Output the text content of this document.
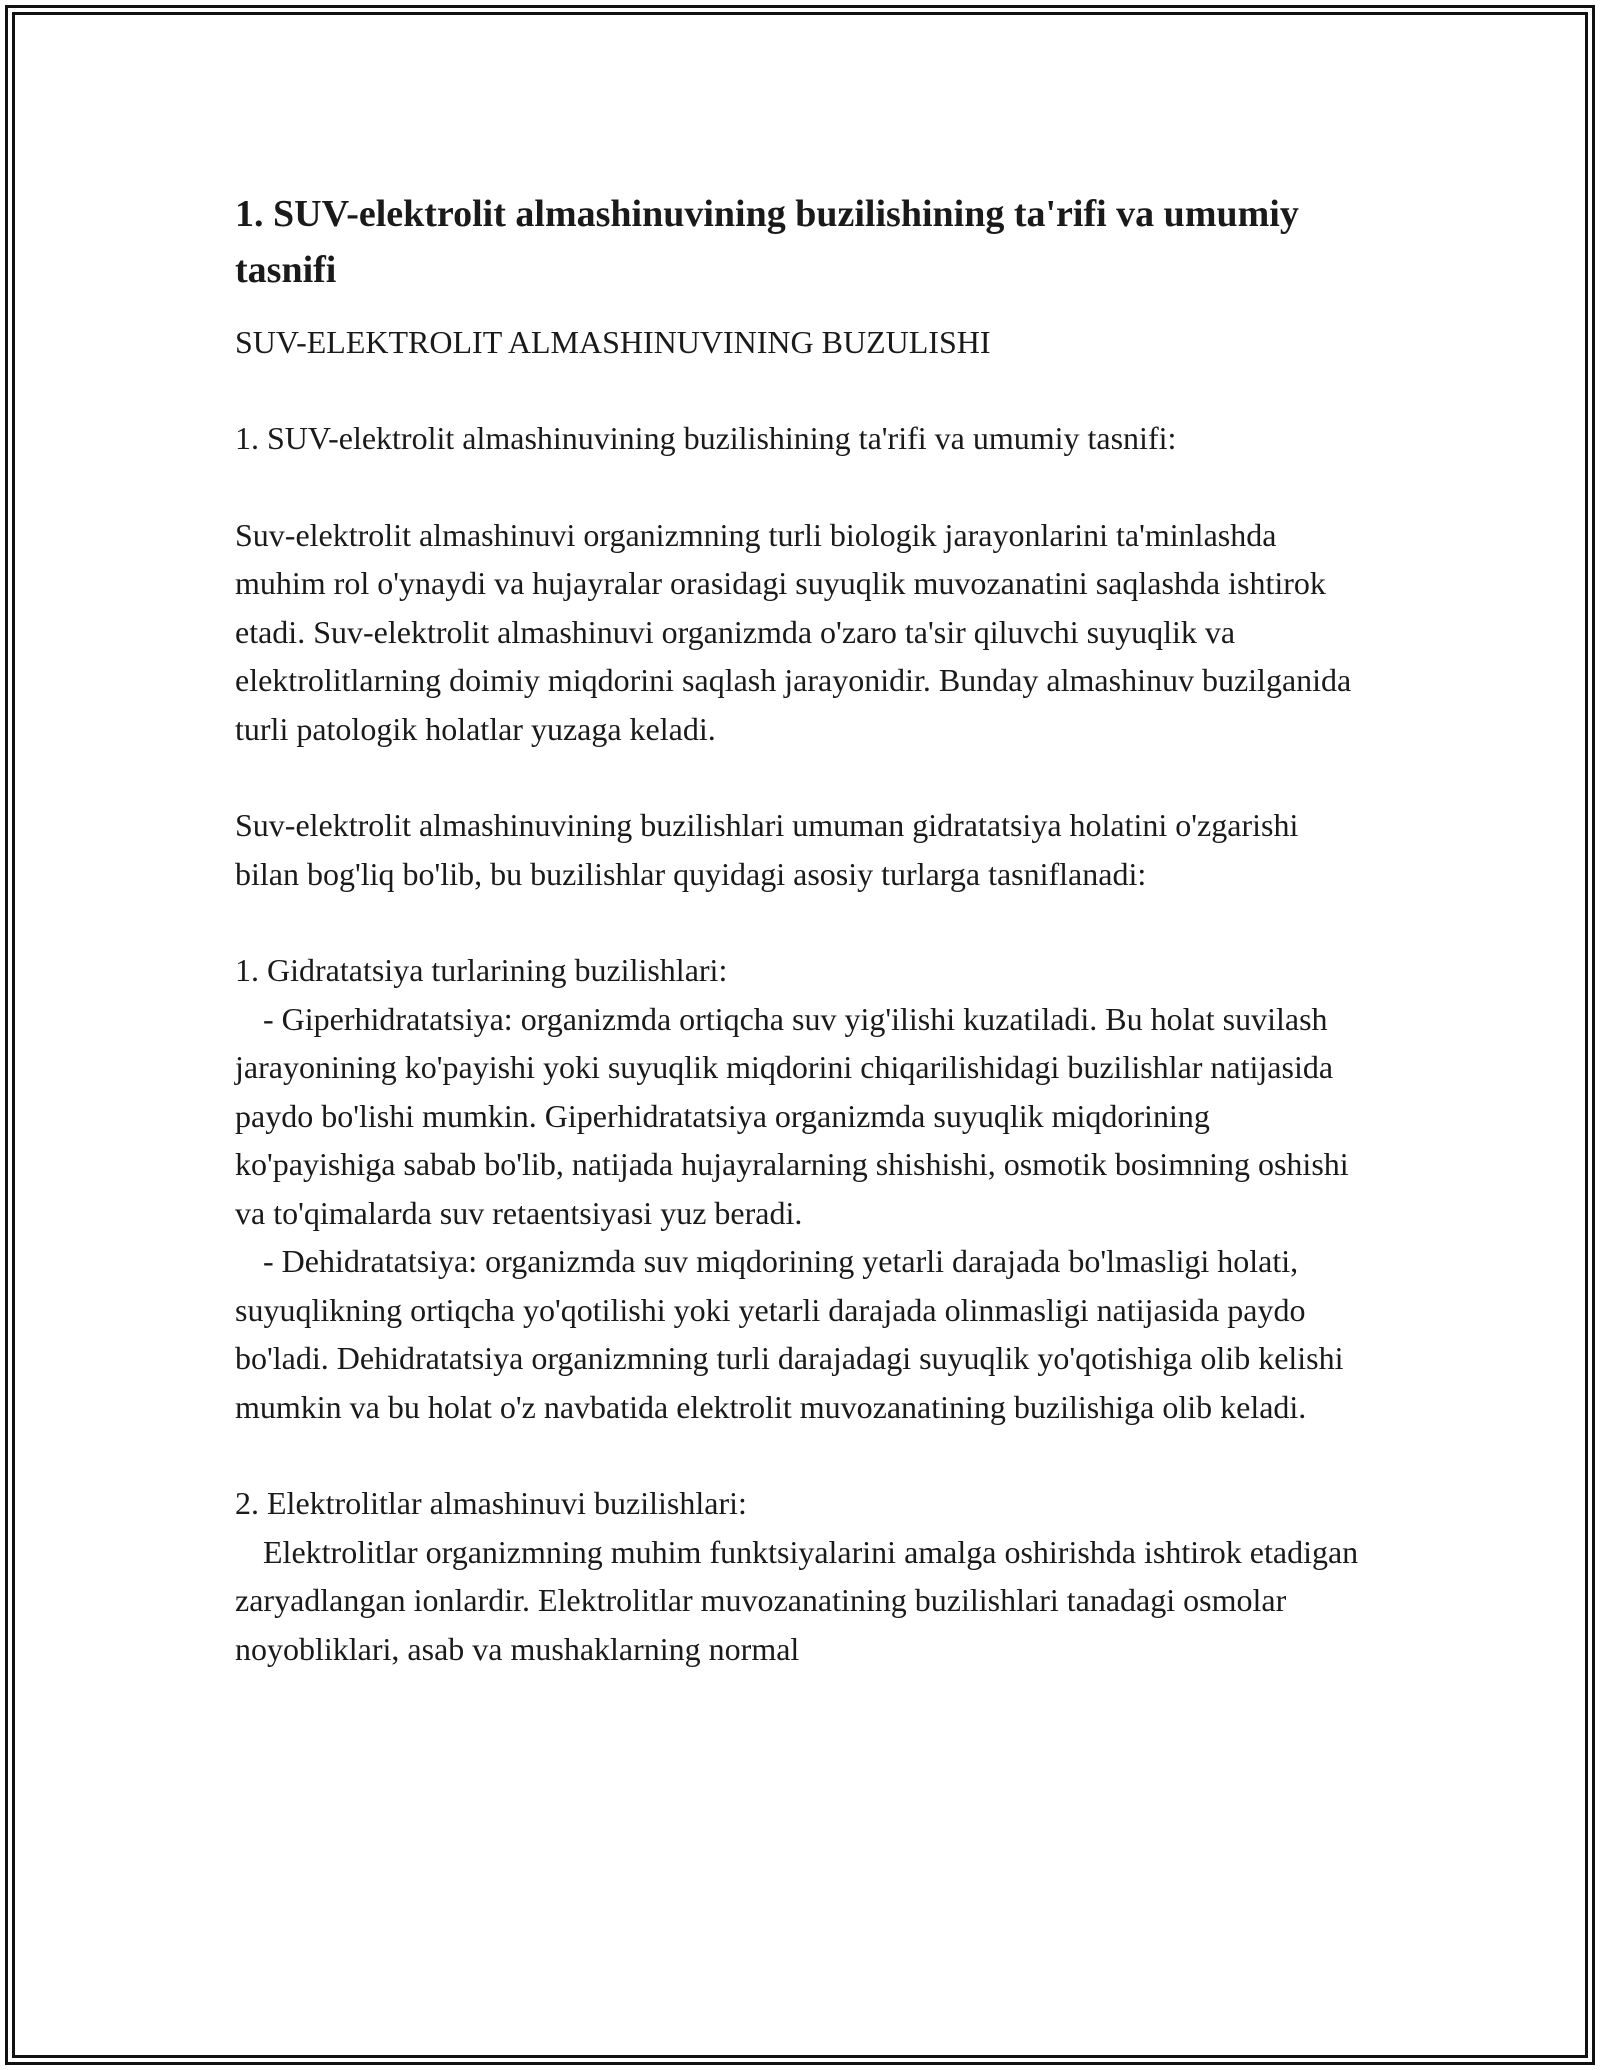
1. SUV-elektrolit almashinuvining buzilishining ta'rifi va umumiy tasnifi

SUV-ELEKTROLIT ALMASHINUVINING BUZULISHI

1. SUV-elektrolit almashinuvining buzilishining ta'rifi va umumiy tasnifi:

Suv-elektrolit almashinuvi organizmning turli biologik jarayonlarini ta'minlashda muhim rol o'ynaydi va hujayralar orasidagi suyuqlik muvozanatini saqlashda ishtirok etadi. Suv-elektrolit almashinuvi organizmda o'zaro ta'sir qiluvchi suyuqlik va elektrolitlarning doimiy miqdorini saqlash jarayonidir. Bunday almashinuv buzilganida turli patologik holatlar yuzaga keladi.

Suv-elektrolit almashinuvining buzilishlari umuman gidratatsiya holatini o'zgarishi bilan bog'liq bo'lib, bu buzilishlar quyidagi asosiy turlarga tasniflanadi:

1. Gidratatsiya turlarining buzilishlari:

- Giperhidratatsiya: organizmda ortiqcha suv yig'ilishi kuzatiladi. Bu holat suvilash jarayonining ko'payishi yoki suyuqlik miqdorini chiqarilishidagi buzilishlar natijasida paydo bo'lishi mumkin. Giperhidratatsiya organizmda suyuqlik miqdorining ko'payishiga sabab bo'lib, natijada hujayralarning shishishi, osmotik bosimning oshishi va to'qimalarda suv retaentsiyasi yuz beradi.

- Dehidratatsiya: organizmda suv miqdorining yetarli darajada bo'lmasligi holati, suyuqlikning ortiqcha yo'qotilishi yoki yetarli darajada olinmasligi natijasida paydo bo'ladi. Dehidratatsiya organizmning turli darajadagi suyuqlik yo'qotishiga olib kelishi mumkin va bu holat o'z navbatida elektrolit muvozanatining buzilishiga olib keladi.

2. Elektrolitlar almashinuvi buzilishlari:

Elektrolitlar organizmning muhim funktsiyalarini amalga oshirishda ishtirok etadigan zaryadlangan ionlardir. Elektrolitlar muvozanatining buzilishlari tanadagi osmolar noyobliklari, asab va mushaklarning normal
